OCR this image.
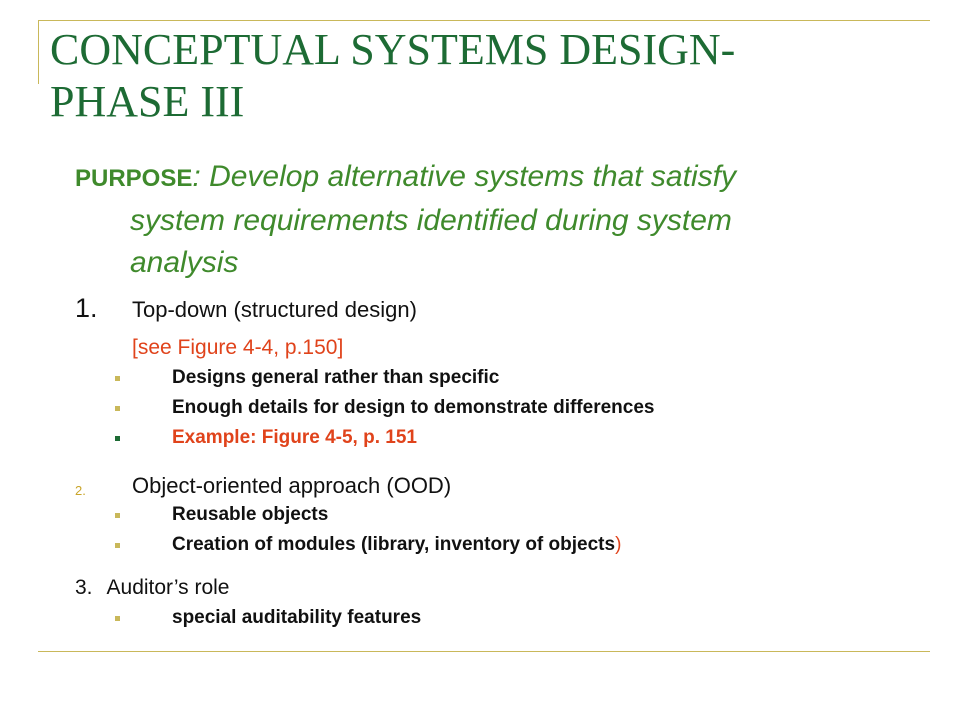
CONCEPTUAL SYSTEMS DESIGN-
PHASE III
PURPOSE: Develop alternative systems that satisfy
system requirements identified during system
analysis
1. Top-down (structured design)
[see Figure 4-4, p.150]
Designs general rather than specific
Enough details for design to demonstrate differences
Example: Figure 4-5, p. 151
2. Object-oriented approach (OOD)
Reusable objects
Creation of modules (library, inventory of objects)
3. Auditor’s role
special auditability features
